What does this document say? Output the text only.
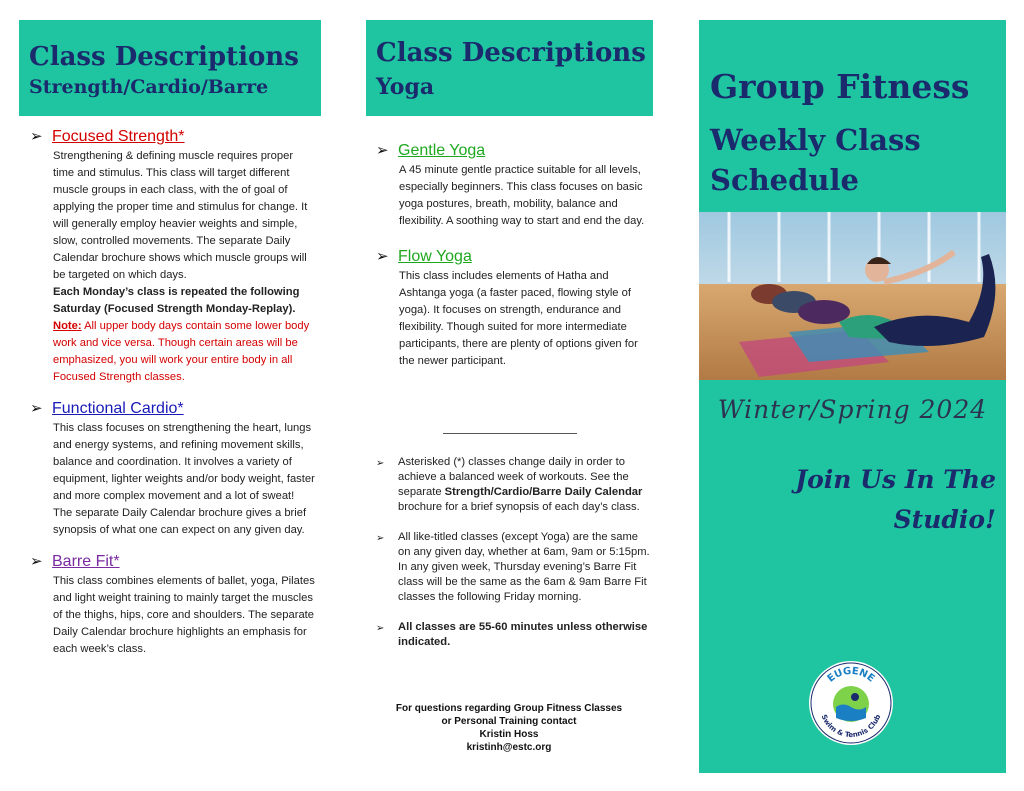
Class Descriptions
Strength/Cardio/Barre
Class Descriptions
Yoga
➢ Focused Strength*
Strengthening & defining muscle requires proper time and stimulus. This class will target different muscle groups in each class, with the of goal of applying the proper time and stimulus for change. It will generally employ heavier weights and simple, slow, controlled movements. The separate Daily Calendar brochure shows which muscle groups will be targeted on which days.
Each Monday’s class is repeated the following Saturday (Focused Strength Monday-Replay).
Note: All upper body days contain some lower body work and vice versa. Though certain areas will be emphasized, you will work your entire body in all Focused Strength classes.
➢ Functional Cardio*
This class focuses on strengthening the heart, lungs and energy systems, and refining movement skills, balance and coordination. It involves a variety of equipment, lighter weights and/or body weight, faster and more complex movement and a lot of sweat! The separate Daily Calendar brochure gives a brief synopsis of what one can expect on any given day.
➢ Barre Fit*
This class combines elements of ballet, yoga, Pilates and light weight training to mainly target the muscles of the thighs, hips, core and shoulders. The separate Daily Calendar brochure highlights an emphasis for each week’s class.
➢ Gentle Yoga
A 45 minute gentle practice suitable for all levels, especially beginners. This class focuses on basic yoga postures, breath, mobility, balance and flexibility. A soothing way to start and end the day.
➢ Flow Yoga
This class includes elements of Hatha and Ashtanga yoga (a faster paced, flowing style of yoga). It focuses on strength, endurance and flexibility. Though suited for more intermediate participants, there are plenty of options given for the newer participant.
➢	Asterisked (*) classes change daily in order to achieve a balanced week of workouts. See the separate Strength/Cardio/Barre Daily Calendar brochure for a brief synopsis of each day’s class.
➢	All like-titled classes (except Yoga) are the same on any given day, whether at 6am, 9am or 5:15pm. In any given week, Thursday evening’s Barre Fit class will be the same as the 6am & 9am Barre Fit classes the following Friday morning.
➢	All classes are 55-60 minutes unless otherwise indicated.
For questions regarding Group Fitness Classes
or Personal Training contact
Kristin Hoss
kristinh@estc.org
Group Fitness
Weekly Class Schedule
Winter/Spring 2024
Join Us In The Studio!
EUGENE
Swim & Tennis Club
